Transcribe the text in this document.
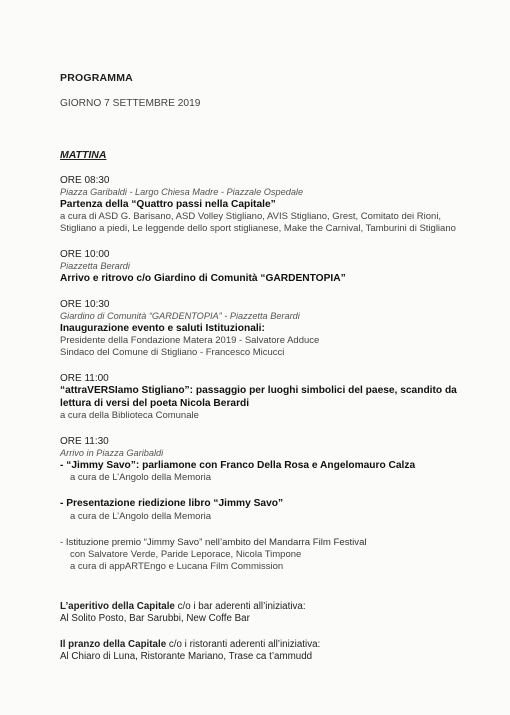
PROGRAMMA

GIORNO 7 SETTEMBRE 2019

MATTINA

ORE 08:30
Piazza Garibaldi - Largo Chiesa Madre - Piazzale Ospedale
Partenza della “Quattro passi nella Capitale”
a cura di ASD G. Barisano, ASD Volley Stigliano, AVIS Stigliano, Grest, Comitato dei Rioni,
Stigliano a piedi, Le leggende dello sport stiglianese, Make the Carnival, Tamburini di Stigliano
ORE 10:00
Piazzetta Berardi
Arrivo e ritrovo c/o Giardino di Comunità “GARDENTOPIA”
ORE 10:30
Giardino di Comunità “GARDENTOPIA” - Piazzetta Berardi
Inaugurazione evento e saluti Istituzionali:
Presidente della Fondazione Matera 2019 - Salvatore Adduce
Sindaco del Comune di Stigliano - Francesco Micucci
ORE 11:00
“attraVERSIamo Stigliano”: passaggio per luoghi simbolici del paese, scandito da
lettura di versi del poeta Nicola Berardi
a cura della Biblioteca Comunale
ORE 11:30
Arrivo in Piazza Garibaldi
- “Jimmy Savo”: parliamone con Franco Della Rosa e Angelomauro Calza
a cura de L’Angolo della Memoria
- Presentazione riedizione libro “Jimmy Savo”
a cura de L’Angolo della Memoria
- Istituzione premio “Jimmy Savo” nell’ambito del Mandarra Film Festival
con Salvatore Verde, Paride Leporace, Nicola Timpone
a cura di appARTEngo e Lucana Film Commission
L’aperitivo della Capitale c/o i bar aderenti all’iniziativa:
Al Solito Posto, Bar Sarubbi, New Coffe Bar
Il pranzo della Capitale c/o i ristoranti aderenti all’iniziativa:
Al Chiaro di Luna, Ristorante Mariano, Trase ca t’ammudd
